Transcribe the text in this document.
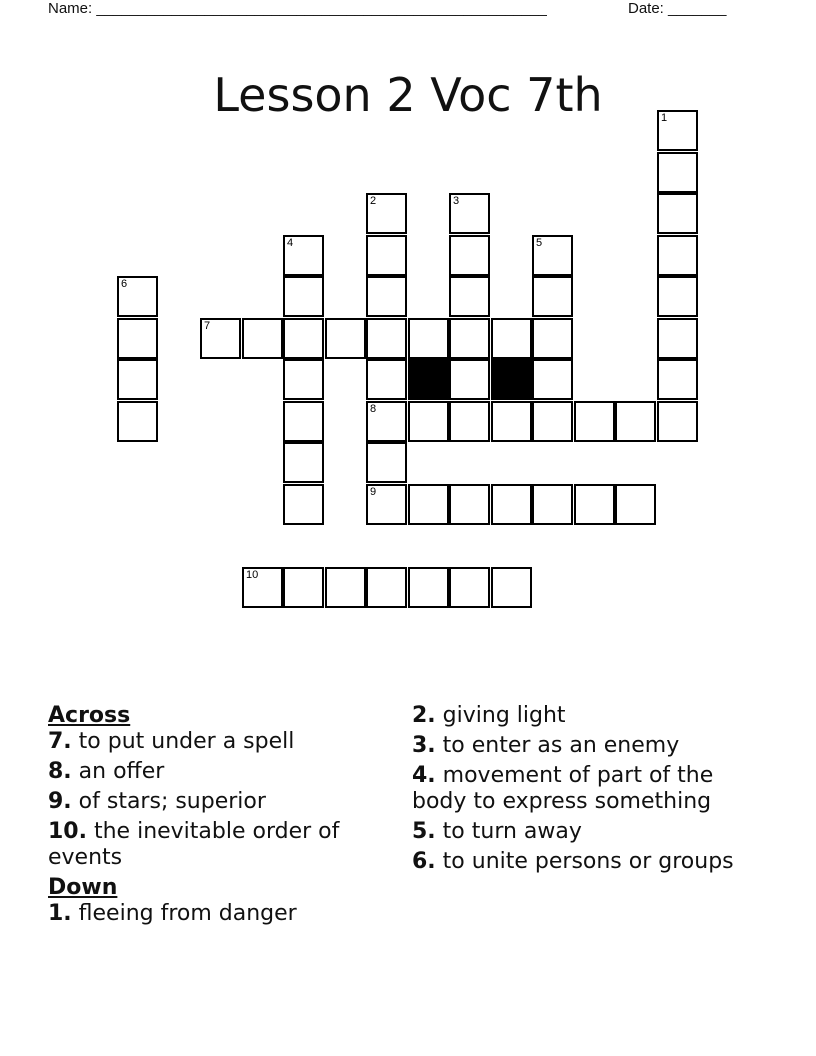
Name: ______________________________________________________	Date: _______
Lesson 2 Voc 7th	1
2
8
3
4	5
6
7
9
10
Across
7. to put under a spell
8. an offer
9. of stars; superior
10. the inevitable order of events
Down
1. fleeing from danger
2. giving light
3. to enter as an enemy
4. movement of part of the body to express something
5. to turn away
6. to unite persons or groups
